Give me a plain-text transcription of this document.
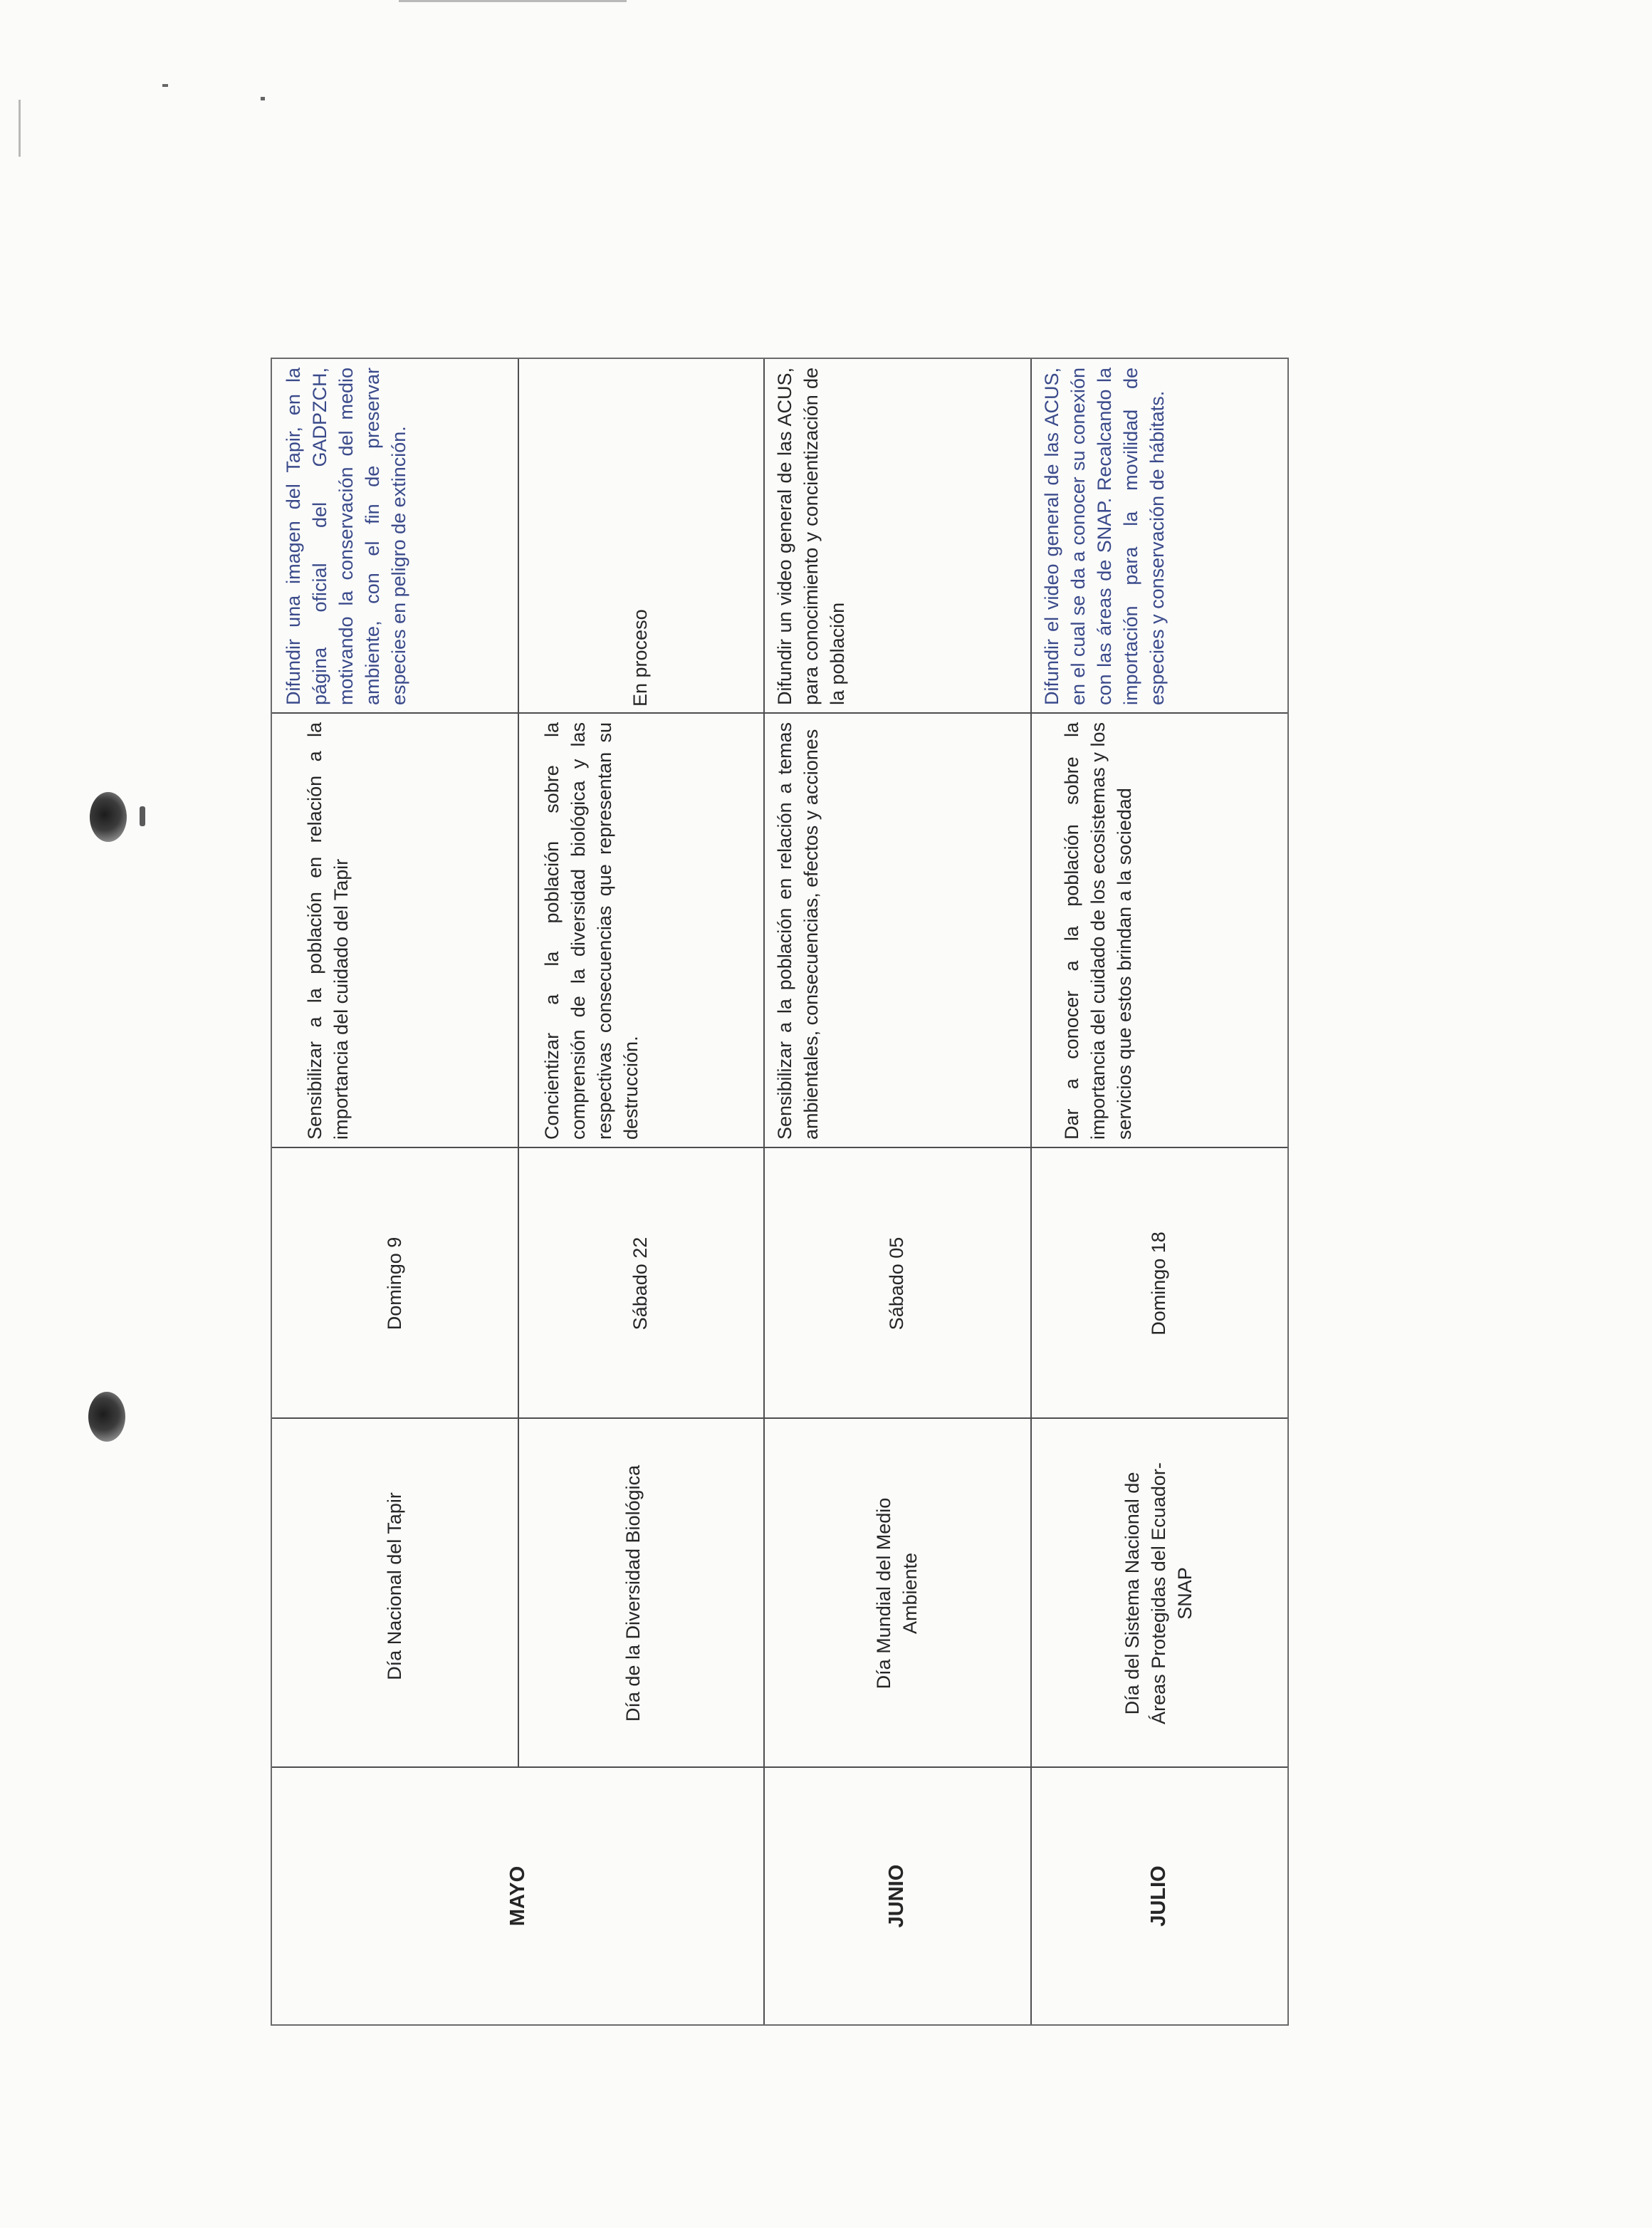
MAYO
Día Nacional del Tapir
Domingo 9
Sensibilizar a la población en relación a la importancia del cuidado del Tapir
Difundir una imagen del Tapir, en la página oficial del GADPZCH, motivando la conservación del medio ambiente, con el fin de preservar especies en peligro de extinción.
Día de la Diversidad Biológica
Sábado 22
Concientizar a la población sobre la comprensión de la diversidad biológica y las respectivas consecuencias que representan su destrucción.
En proceso
JUNIO
Día Mundial del Medio Ambiente
Sábado 05
Sensibilizar a la población en relación a temas ambientales, consecuencias, efectos y acciones
Difundir un video general de las ACUS, para conocimiento y concientización de la población
JULIO
Día del Sistema Nacional de Áreas Protegidas del Ecuador-SNAP
Domingo 18
Dar a conocer a la población sobre la importancia del cuidado de los ecosistemas y los servicios que estos brindan a la sociedad
Difundir el video general de las ACUS, en el cual se da a conocer su conexión con las áreas de SNAP. Recalcando la importación para la movilidad de especies y conservación de hábitats.
